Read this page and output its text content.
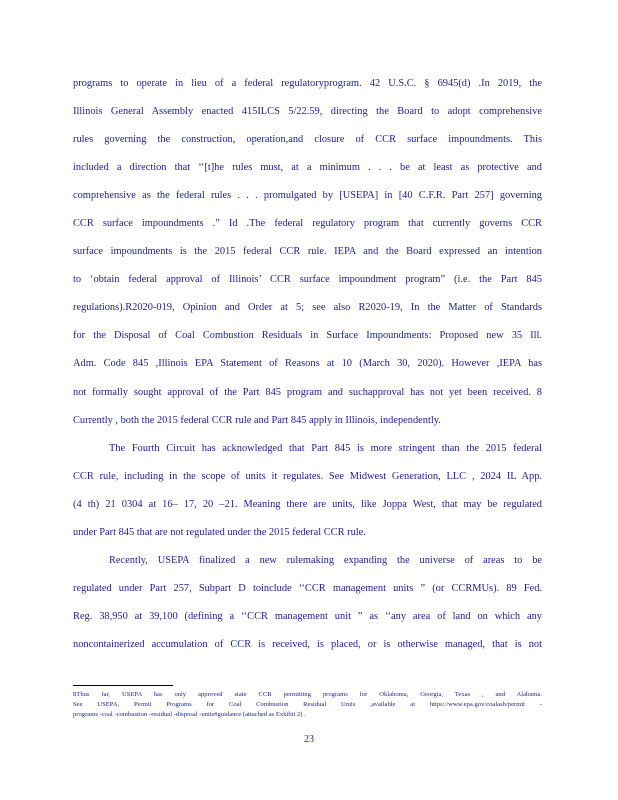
programs to operate in lieu of a federal regulatoryprogram. 42 U.S.C. § 6945(d) .In 2019, the
Illinois General Assembly enacted 415ILCS 5/22.59, directing the Board to adopt comprehensive
rules governing the construction, operation,and closure of CCR surface impoundments. This
included a direction that ‘‘[t]he rules must, at a minimum . . . be at least as protective and
comprehensive as the federal rules . . . promulgated by [USEPA] in [40 C.F.R. Part 257] governing
CCR surface impoundments .” Id .The federal regulatory program that currently governs CCR
surface impoundments is the 2015 federal CCR rule. IEPA and the Board expressed an intention
to ‘obtain federal approval of Illinois’ CCR surface impoundment program” (i.e. the Part 845
regulations).R2020-019, Opinion and Order at 5; see also R2020-19, In the Matter of Standards
for the Disposal of Coal Combustion Residuals in Surface Impoundments: Proposed new 35 Ill.
Adm. Code 845 ,Illinois EPA Statement of Reasons at 10 (March 30, 2020). However ,IEPA has
not formally sought approval of the Part 845 program and suchapproval has not yet been received. 8
Currently , both the 2015 federal CCR rule and Part 845 apply in Illinois, independently.
The Fourth Circuit has acknowledged that Part 845 is more stringent than the 2015 federal
CCR rule, including in the scope of units it regulates. See Midwest Generation, LLC , 2024 IL App.
(4 th) 21 0304 at 16– 17, 20 –21. Meaning there are units, like Joppa West, that may be regulated
under Part 845 that are not regulated under the 2015 federal CCR rule.
Recently, USEPA finalized a new rulemaking expanding the universe of areas to be
regulated under Part 257, Subpart D toinclude ‘‘CCR management units ” (or CCRMUs). 89 Fed.
Reg. 38,950 at 39,100 (defining a ‘‘CCR management unit ” as ‘‘any area of land on which any
noncontainerized accumulation of CCR is received, is placed, or is otherwise managed, that is not
8Thus far, USEPA has only approved state CCR permitting programs for Oklahoma, Georgia, Texas , and Alabama.
See USEPA, Permit Programs for Coal Combustion Residual Units ,available at https://www.epa.gov/coalash/permit -
programs -coal -combustion -residual -disposal -units#guidance (attached as Exhibit 2) .
23
